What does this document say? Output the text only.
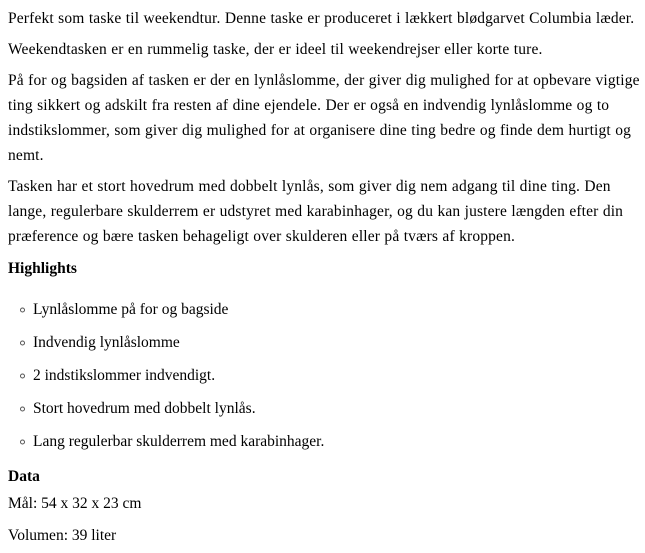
Perfekt som taske til weekendtur. Denne taske er produceret i lækkert blødgarvet Columbia læder.

Weekendtasken er en rummelig taske, der er ideel til weekendrejser eller korte ture.

På for og bagsiden af tasken er der en lynlåslomme, der giver dig mulighed for at opbevare vigtige ting sikkert og adskilt fra resten af dine ejendele. Der er også en indvendig lynlåslomme og to indstikslommer, som giver dig mulighed for at organisere dine ting bedre og finde dem hurtigt og nemt.

Tasken har et stort hovedrum med dobbelt lynlås, som giver dig nem adgang til dine ting. Den lange, regulerbare skulderrem er udstyret med karabinhager, og du kan justere længden efter din præference og bære tasken behageligt over skulderen eller på tværs af kroppen.

Highlights
Lynlåslomme på for og bagside
Indvendig lynlåslomme
2 indstikslommer indvendigt.
Stort hovedrum med dobbelt lynlås.
Lang regulerbar skulderrem med karabinhager.
Data

Mål: 54 x 32 x 23 cm

Volumen: 39 liter
